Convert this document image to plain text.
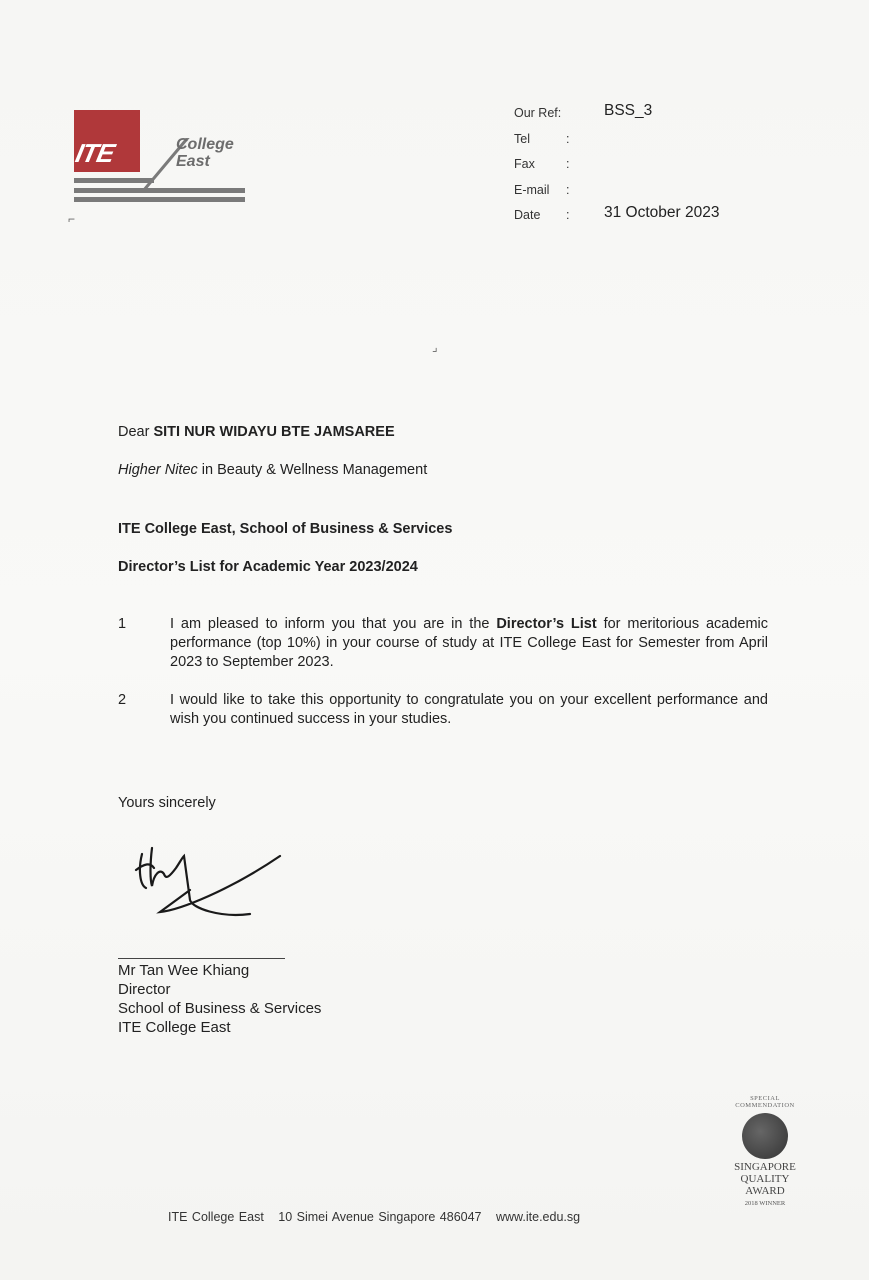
ITE	College
East
⌐
⌟
Our Ref:	BSS_3
Tel	:
Fax	:
E-mail	:
Date	: 31 October 2023
Dear SITI NUR WIDAYU BTE JAMSAREE
Higher Nitec in Beauty & Wellness Management
ITE College East, School of Business & Services
Director’s List for Academic Year 2023/2024
1	I am pleased to inform you that you are in the Director’s List for meritorious academic performance (top 10%) in your course of study at ITE College East for Semester from April 2023 to September 2023.
2	I would like to take this opportunity to congratulate you on your excellent performance and wish you continued success in your studies.
Yours sincerely
Mr Tan Wee Khiang
Director
School of Business & Services
ITE College East
SPECIAL COMMENDATION
SINGAPORE
QUALITY
AWARD
2018 WINNER
ITE College East 10 Simei Avenue Singapore 486047 www.ite.edu.sg
